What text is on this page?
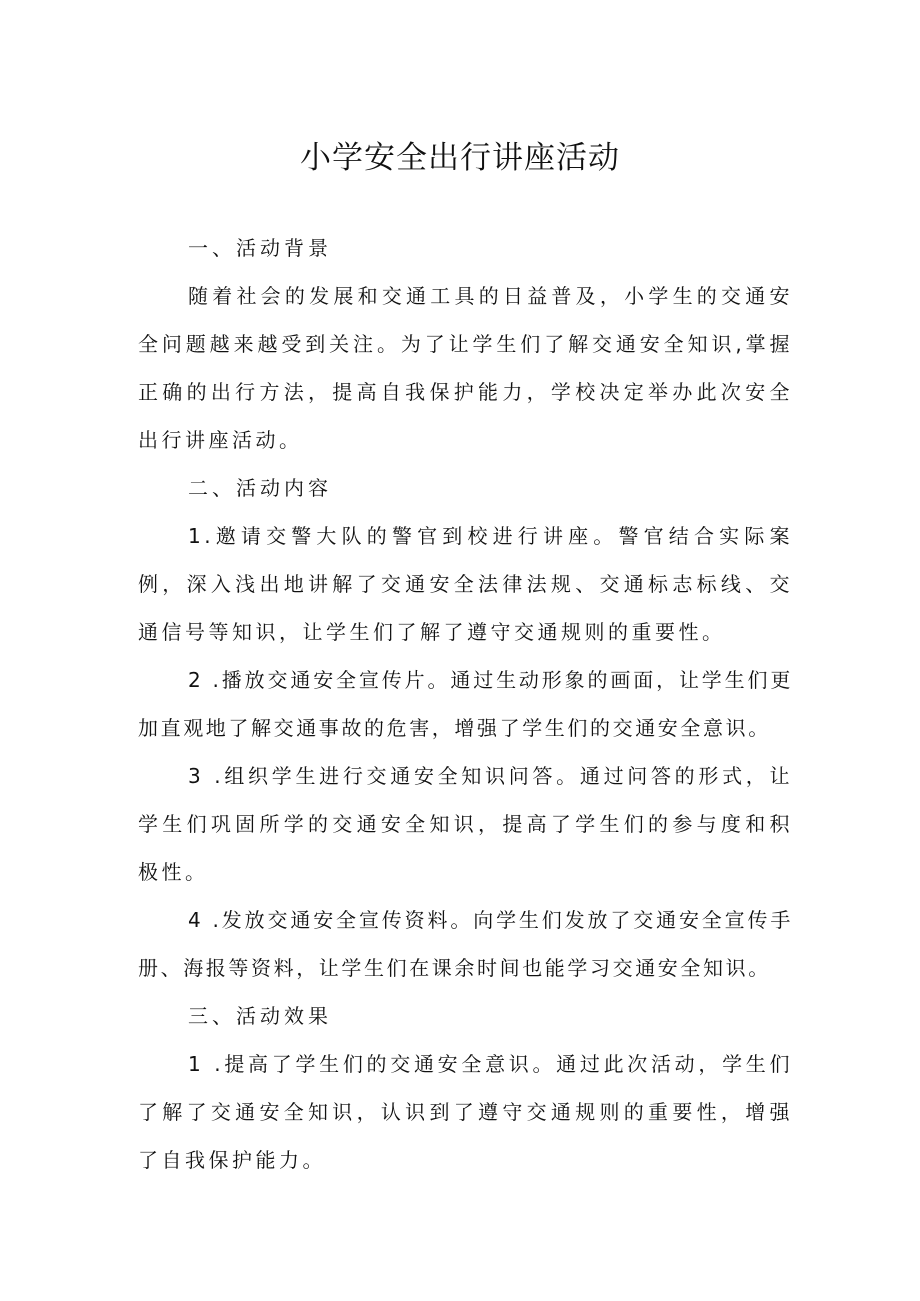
小学安全出行讲座活动
一、活动背景

随着社会的发展和交通工具的日益普及，小学生的交通安全问题越来越受到关注。为了让学生们了解交通安全知识,掌握正确的出行方法，提高自我保护能力，学校决定举办此次安全出行讲座活动。

二、活动内容

1.邀请交警大队的警官到校进行讲座。警官结合实际案例，深入浅出地讲解了交通安全法律法规、交通标志标线、交通信号等知识，让学生们了解了遵守交通规则的重要性。

2 .播放交通安全宣传片。通过生动形象的画面，让学生们更加直观地了解交通事故的危害，增强了学生们的交通安全意识。

3 .组织学生进行交通安全知识问答。通过问答的形式，让学生们巩固所学的交通安全知识，提高了学生们的参与度和积极性。

4 .发放交通安全宣传资料。向学生们发放了交通安全宣传手册、海报等资料，让学生们在课余时间也能学习交通安全知识。

三、活动效果

1 .提高了学生们的交通安全意识。通过此次活动，学生们了解了交通安全知识，认识到了遵守交通规则的重要性，增强了自我保护能力。
